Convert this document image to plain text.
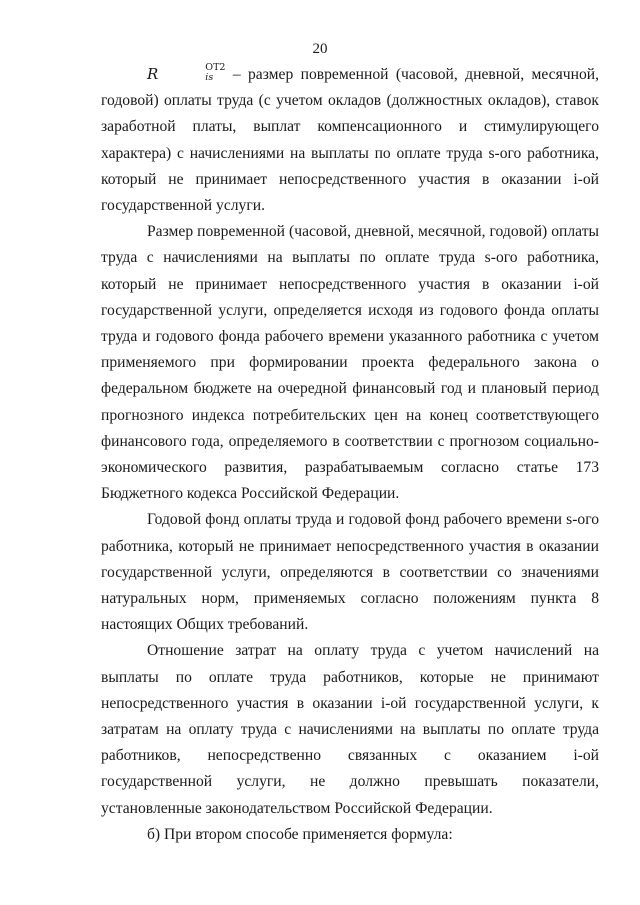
20

R	OT2
is – размер повременной (часовой, дневной, месячной, годовой) оплаты труда (с учетом окладов (должностных окладов), ставок заработной платы, выплат компенсационного и стимулирующего характера) с начислениями на выплаты по оплате труда s-ого работника, который не принимает непосредственного участия в оказании i-ой государственной услуги.

Размер повременной (часовой, дневной, месячной, годовой) оплаты труда с начислениями на выплаты по оплате труда s-ого работника, который не принимает непосредственного участия в оказании i-ой государственной услуги, определяется исходя из годового фонда оплаты труда и годового фонда рабочего времени указанного работника с учетом применяемого при формировании проекта федерального закона о федеральном бюджете на очередной финансовый год и плановый период прогнозного индекса потребительских цен на конец соответствующего финансового года, определяемого в соответствии с прогнозом социально-экономического развития, разрабатываемым согласно статье 173 Бюджетного кодекса Российской Федерации.

Годовой фонд оплаты труда и годовой фонд рабочего времени s-ого работника, который не принимает непосредственного участия в оказании государственной услуги, определяются в соответствии со значениями натуральных норм, применяемых согласно положениям пункта 8 настоящих Общих требований.

Отношение затрат на оплату труда с учетом начислений на выплаты по оплате труда работников, которые не принимают непосредственного участия в оказании i-ой государственной услуги, к затратам на оплату труда с начислениями на выплаты по оплате труда работников, непосредственно связанных с оказанием i-ой государственной услуги, не должно превышать показатели, установленные законодательством Российской Федерации.

б) При втором способе применяется формула:
